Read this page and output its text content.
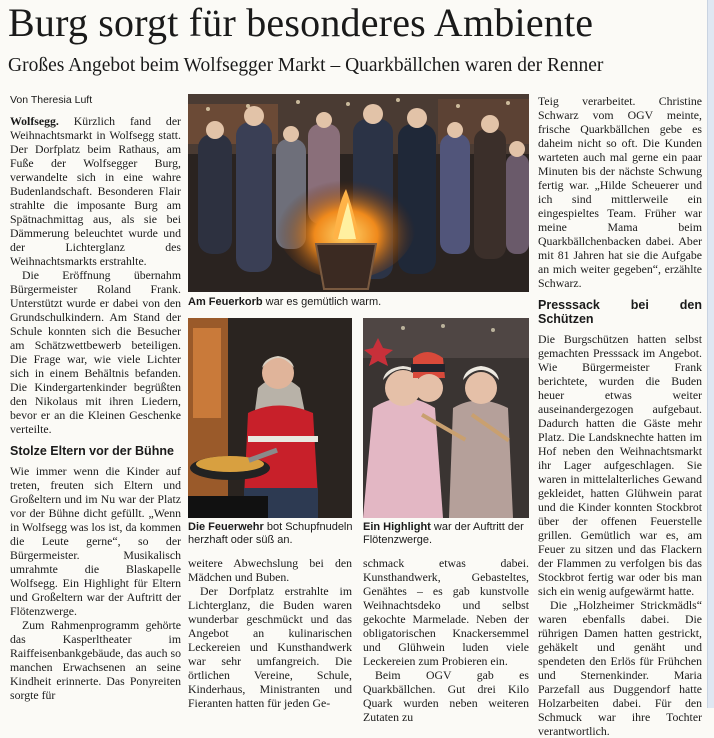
Burg sorgt für besonderes Ambiente
Großes Angebot beim Wolfsegger Markt – Quarkbällchen waren der Renner
Von Theresia Luft

Wolfsegg. Kürzlich fand der Weihnachtsmarkt in Wolfsegg statt. Der Dorfplatz beim Rathaus, am Fuße der Wolfsegger Burg, verwandelte sich in eine wahre Budenlandschaft. Besonderen Flair strahlte die imposante Burg am Spätnachmittag aus, als sie bei Dämmerung beleuchtet wurde und der Lichterglanz des Weihnachtsmarkts erstrahlte.

Die Eröffnung übernahm Bürgermeister Roland Frank. Unterstützt wurde er dabei von den Grundschulkindern. Am Stand der Schule konnten sich die Besucher am Schätzwettbewerb beteiligen. Die Frage war, wie viele Lichter sich in einem Behältnis befanden. Die Kindergartenkinder begrüßten den Nikolaus mit ihren Liedern, bevor er an die Kleinen Geschenke verteilte.

Stolze Eltern vor der Bühne

Wie immer wenn die Kinder auf treten, freuten sich Eltern und Großeltern und im Nu war der Platz vor der Bühne dicht gefüllt. „Wenn in Wolfsegg was los ist, da kommen die Leute gerne“, so der Bürgermeister. Musikalisch umrahmte die Blaskapelle Wolfsegg. Ein Highlight für Eltern und Großeltern war der Auftritt der Flötenzwerge.

Zum Rahmenprogramm gehörte das Kasperltheater im Raiffeisenbankgebäude, das auch so manchen Erwachsenen an seine Kindheit erinnerte. Das Ponyreiten sorgte für

Am Feuerkorb war es gemütlich warm.
Die Feuerwehr bot Schupfnudeln herzhaft oder süß an.
Ein Highlight war der Auftritt der Flötenzwerge.

weitere Abwechslung bei den Mädchen und Buben.

Der Dorfplatz erstrahlte im Lichterglanz, die Buden waren wunderbar geschmückt und das Angebot an kulinarischen Leckereien und Kunsthandwerk war sehr umfangreich. Die örtlichen Vereine, Schule, Kinderhaus, Ministranten und Fieranten hatten für jeden Ge-

schmack etwas dabei. Kunsthandwerk, Gebasteltes, Genähtes – es gab kunstvolle Weihnachtsdeko und selbst gekochte Marmelade. Neben der obligatorischen Knackersemmel und Glühwein luden viele Leckereien zum Probieren ein.

Beim OGV gab es Quarkbällchen. Gut drei Kilo Quark wurden neben weiteren Zutaten zu

Teig verarbeitet. Christine Schwarz vom OGV meinte, frische Quarkbällchen gebe es daheim nicht so oft. Die Kunden warteten auch mal gerne ein paar Minuten bis der nächste Schwung fertig war. „Hilde Scheuerer und ich sind mittlerweile ein eingespieltes Team. Früher war meine Mama beim Quarkbällchenbacken dabei. Aber mit 81 Jahren hat sie die Aufgabe an mich weiter gegeben“, erzählte Schwarz.

Presssack bei den Schützen

Die Burgschützen hatten selbst gemachten Presssack im Angebot. Wie Bürgermeister Frank berichtete, wurden die Buden heuer etwas weiter auseinandergezogen aufgebaut. Dadurch hatten die Gäste mehr Platz. Die Landsknechte hatten im Hof neben den Weihnachtsmarkt ihr Lager aufgeschlagen. Sie waren in mittelalterliches Gewand gekleidet, hatten Glühwein parat und die Kinder konnten Stockbrot über der offenen Feuerstelle grillen. Gemütlich war es, am Feuer zu sitzen und das Flackern der Flammen zu verfolgen bis das Stockbrot fertig war oder bis man sich ein wenig aufgewärmt hatte.

Die „Holzheimer Strickmädls“ waren ebenfalls dabei. Die rührigen Damen hatten gestrickt, gehäkelt und genäht und spendeten den Erlös für Frühchen und Sternenkinder. Maria Parzefall aus Duggendorf hatte Holzarbeiten dabei. Für den Schmuck war ihre Tochter verantwortlich.
